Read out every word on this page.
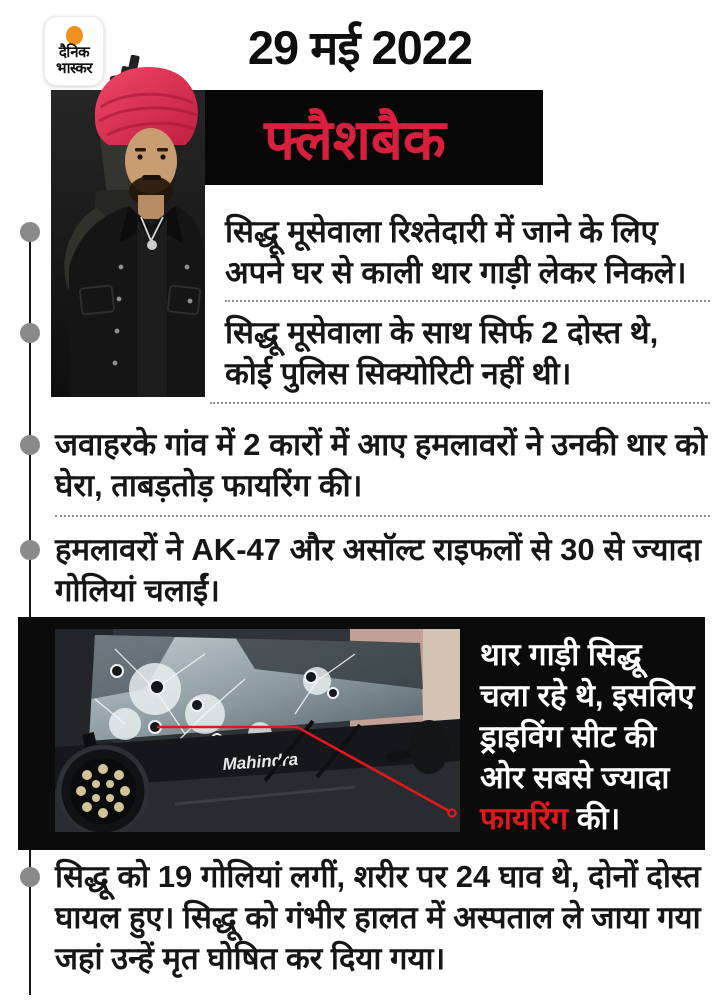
दैनिक
भास्कर	29 मई 2022
फ्लैशबैक
सिद्धू मूसेवाला रिश्तेदारी में जाने के लिए अपने घर से काली थार गाड़ी लेकर निकले।
सिद्धू मूसेवाला के साथ सिर्फ 2 दोस्त थे, कोई पुलिस सिक्योरिटी नहीं थी।
जवाहरके गांव में 2 कारों में आए हमलावरों ने उनकी थार को घेरा, ताबड़तोड़ फायरिंग की।
हमलावरों ने AK-47 और असॉल्ट राइफलों से 30 से ज्यादा गोलियां चलाईं।
Mahindra
थार गाड़ी सिद्धू
चला रहे थे, इसलिए
ड्राइविंग सीट की
ओर सबसे ज्यादा
फायरिंग की।
सिद्धू को 19 गोलियां लगीं, शरीर पर 24 घाव थे, दोनों दोस्त घायल हुए। सिद्धू को गंभीर हालत में अस्पताल ले जाया गया जहां उन्हें मृत घोषित कर दिया गया।
